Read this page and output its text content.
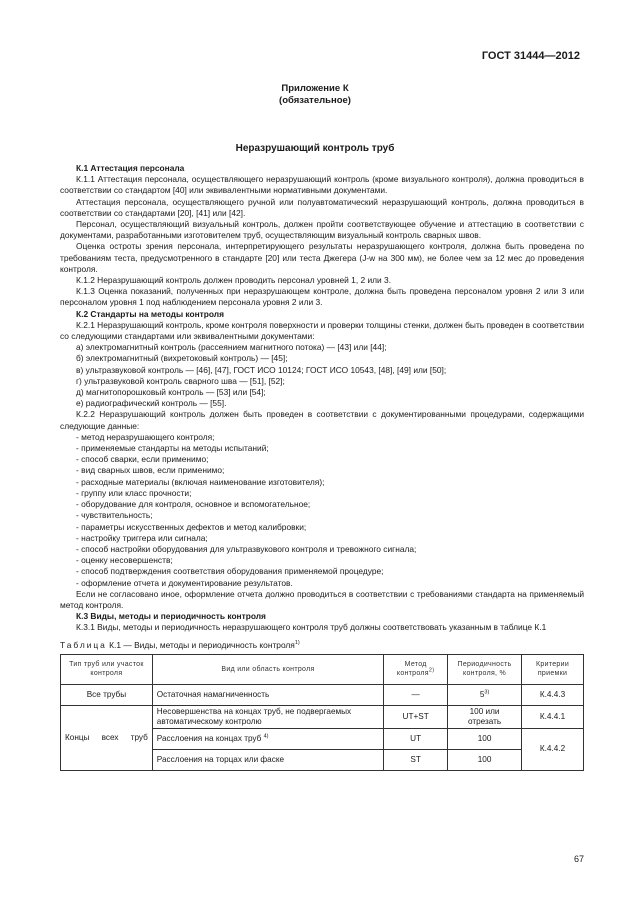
ГОСТ 31444—2012
Приложение К
(обязательное)
Неразрушающий контроль труб

К.1 Аттестация персонала

К.1.1 Аттестация персонала, осуществляющего неразрушающий контроль (кроме визуального контроля), должна проводиться в соответствии со стандартом [40] или эквивалентными нормативными документами.

Аттестация персонала, осуществляющего ручной или полуавтоматический неразрушающий контроль, должна проводиться в соответствии со стандартами [20], [41] или [42].

Персонал, осуществляющий визуальный контроль, должен пройти соответствующее обучение и аттестацию в соответствии с документами, разработанными изготовителем труб, осуществляющим визуальный контроль сварных швов.

Оценка остроты зрения персонала, интерпретирующего результаты неразрушающего контроля, должна быть проведена по требованиям теста, предусмотренного в стандарте [20] или теста Джегера (J-w на 300 мм), не более чем за 12 мес до проведения контроля.

К.1.2 Неразрушающий контроль должен проводить персонал уровней 1, 2 или 3.

К.1.3 Оценка показаний, полученных при неразрушающем контроле, должна быть проведена персоналом уровня 2 или 3 или персоналом уровня 1 под наблюдением персонала уровня 2 или 3.

К.2 Стандарты на методы контроля

К.2.1 Неразрушающий контроль, кроме контроля поверхности и проверки толщины стенки, должен быть проведен в соответствии со следующими стандартами или эквивалентными документами:

а) электромагнитный контроль (рассеянием магнитного потока) — [43] или [44];

б) электромагнитный (вихретоковый контроль) — [45];

в) ультразвуковой контроль — [46], [47], ГОСТ ИСО 10124; ГОСТ ИСО 10543, [48], [49] или [50];

г) ультразвуковой контроль сварного шва — [51], [52];

д) магнитопорошковый контроль — [53] или [54];

е) радиографический контроль — [55].

К.2.2 Неразрушающий контроль должен быть проведен в соответствии с документированными процедурами, содержащими следующие данные:

- метод неразрушающего контроля;

- применяемые стандарты на методы испытаний;

- способ сварки, если применимо;

- вид сварных швов, если применимо;

- расходные материалы (включая наименование изготовителя);

- группу или класс прочности;

- оборудование для контроля, основное и вспомогательное;

- чувствительность;

- параметры искусственных дефектов и метод калибровки;

- настройку триггера или сигнала;

- способ настройки оборудования для ультразвукового контроля и тревожного сигнала;

- оценку несовершенств;

- способ подтверждения соответствия оборудования применяемой процедуре;

- оформление отчета и документирование результатов.

Если не согласовано иное, оформление отчета должно проводиться в соответствии с требованиями стандарта на применяемый метод контроля.

К.3 Виды, методы и периодичность контроля

К.3.1 Виды, методы и периодичность неразрушающего контроля труб должны соответствовать указанным в таблице К.1

Таблица К.1 — Виды, методы и периодичность контроля$^{1)}$

Тип труб или участок контроля	Вид или область контроля	Метод контроля$^{2)}$	Периодичность контроля, %	Критерии приемки
Все трубы	Остаточная намагниченность	—	5$^{3)}$	К.4.4.3

Концы всех труб	Несовершенства на концах труб, не подвергаемых автоматическому контролю	UT+ST	100 или отрезать	К.4.4.1
	Расслоения на концах труб $^{4)}$	UT	100	К.4.4.2
	Расслоения на торцах или фаске	ST	100	
67
